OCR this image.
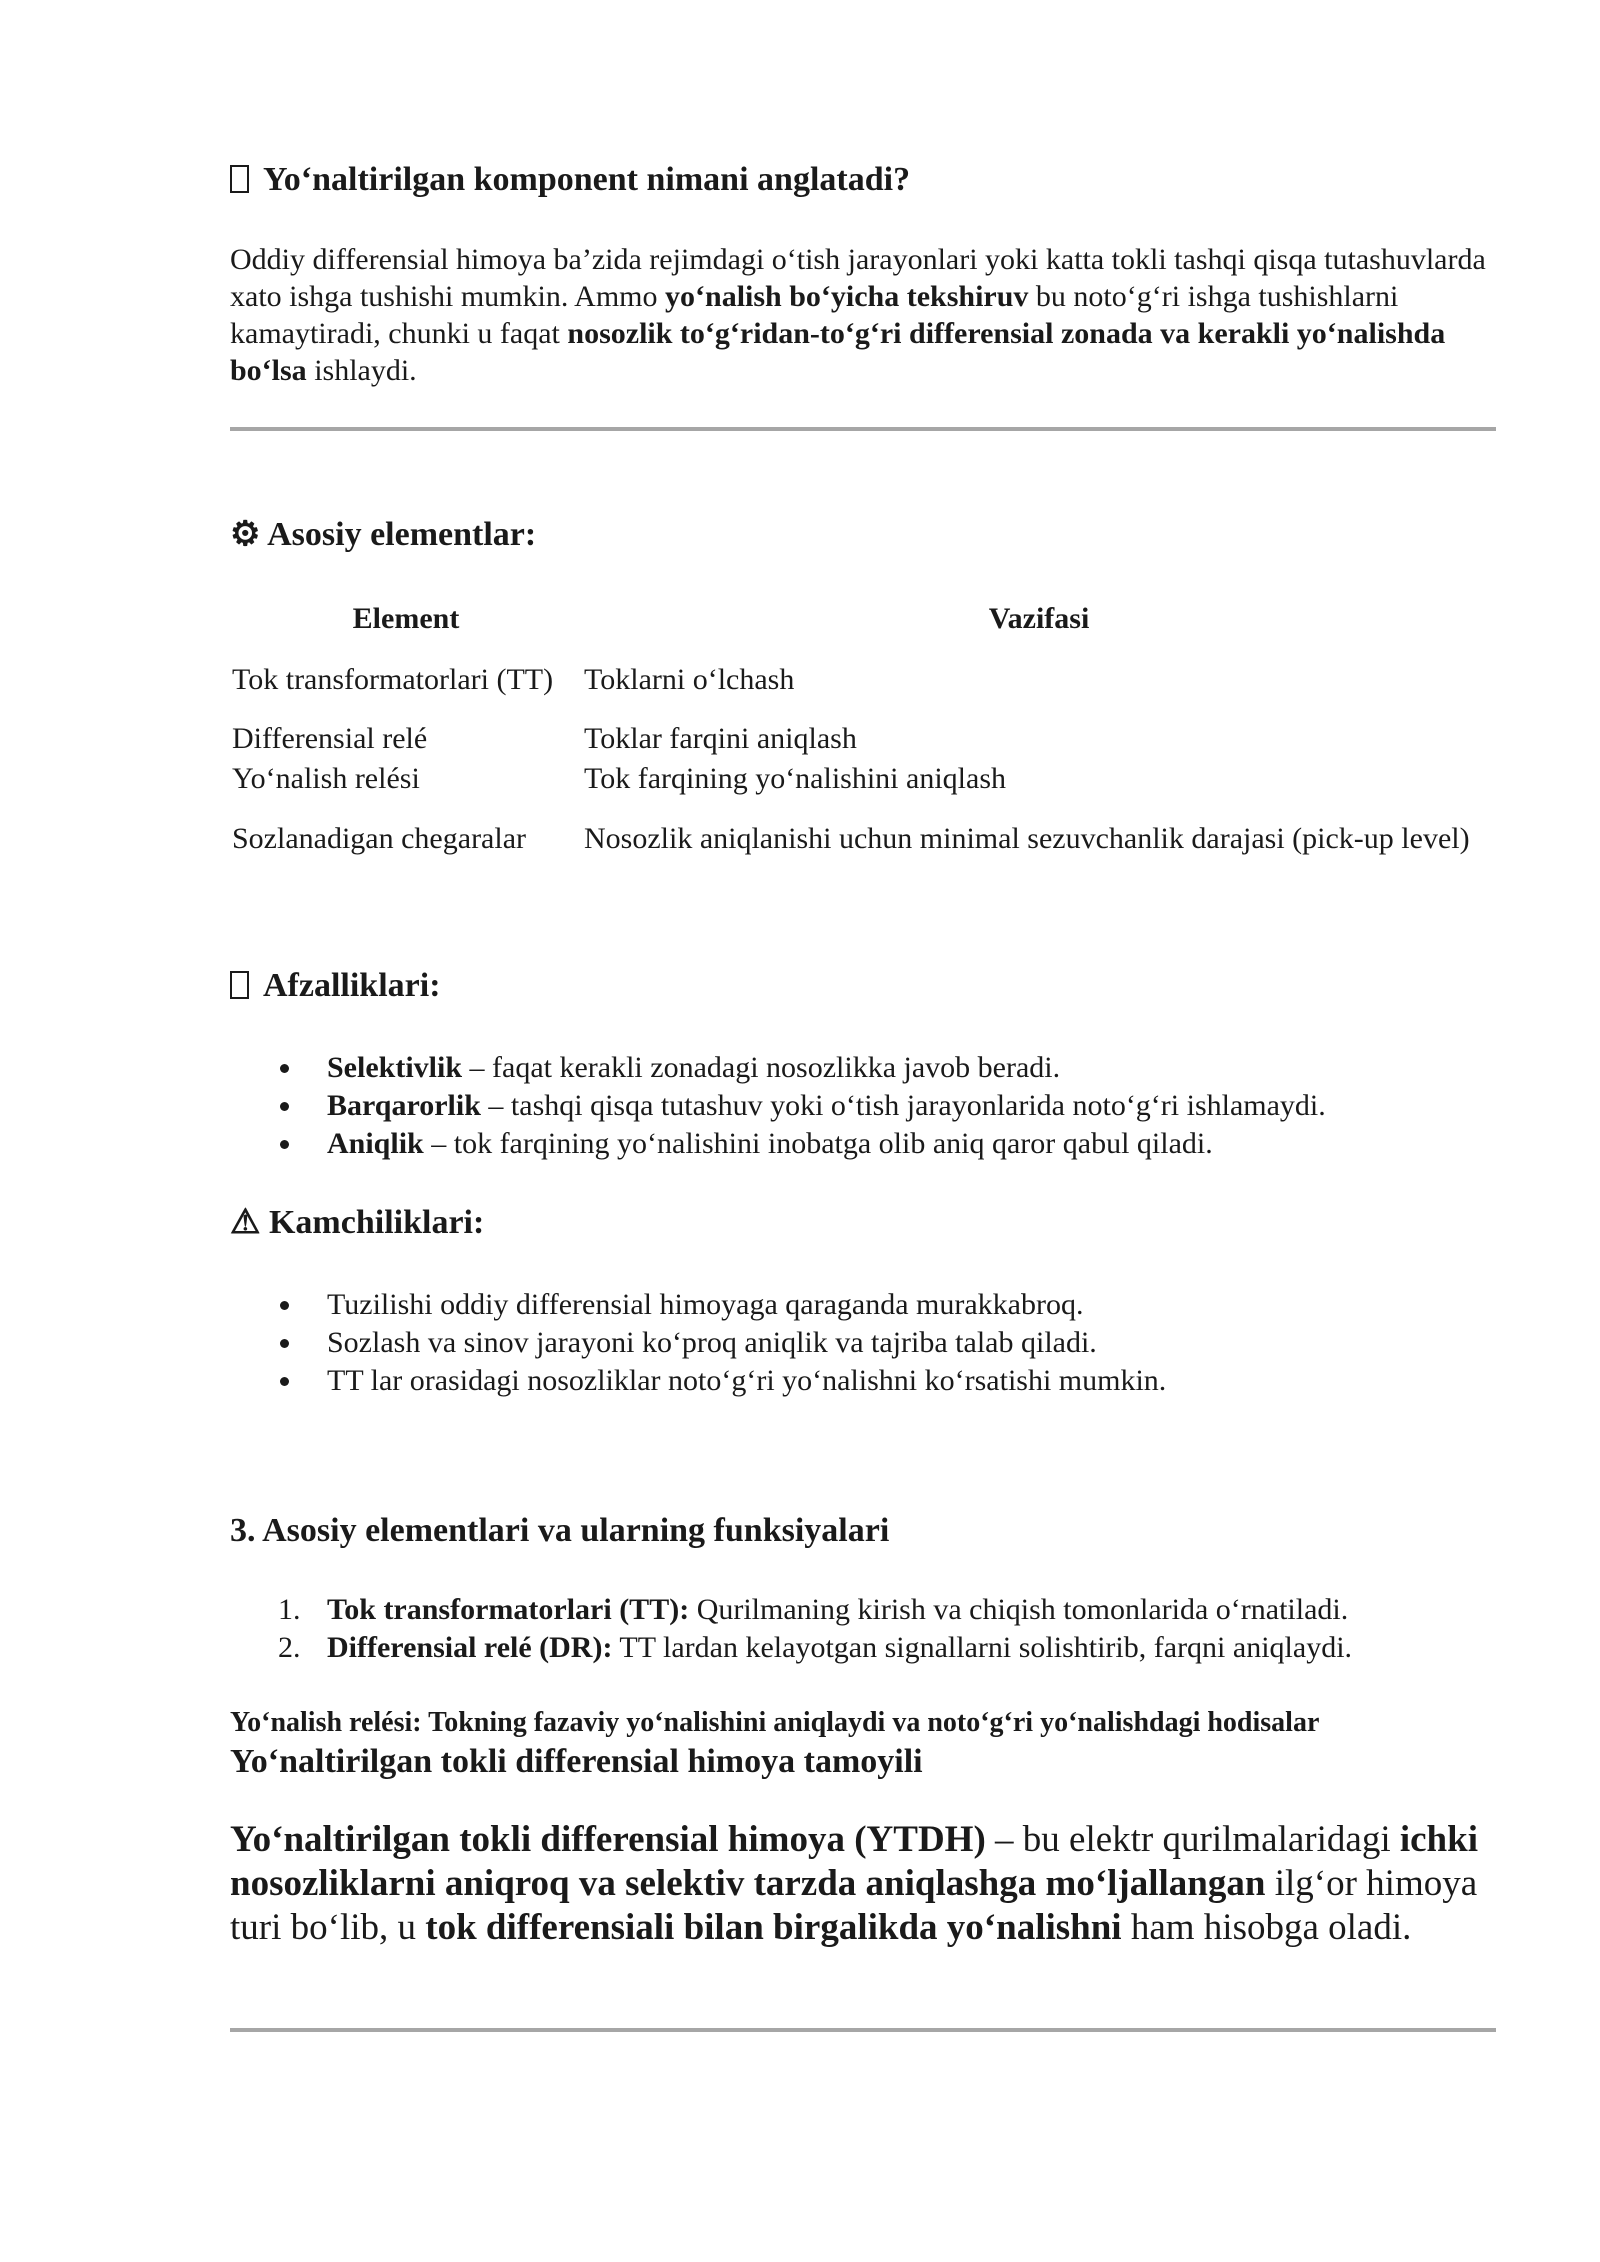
Yo‘naltirilgan komponent nimani anglatadi?

Oddiy differensial himoya ba’zida rejimdagi o‘tish jarayonlari yoki katta tokli tashqi qisqa tutashuvlarda xato ishga tushishi mumkin. Ammo yo‘nalish bo‘yicha tekshiruv bu noto‘g‘ri ishga tushishlarni kamaytiradi, chunki u faqat nosozlik to‘g‘ridan-to‘g‘ri differensial zonada va kerakli yo‘nalishda bo‘lsa ishlaydi.

⚙ Asosiy elementlar:
Element	Vazifasi
Tok transformatorlari (TT)	Toklarni o‘lchash
Differensial relé	Toklar farqini aniqlash
Yo‘nalish relési	Tok farqining yo‘nalishini aniqlash
Sozlanadigan chegaralar	Nosozlik aniqlanishi uchun minimal sezuvchanlik darajasi (pick-up level)
Afzalliklari:
Selektivlik – faqat kerakli zonadagi nosozlikka javob beradi.
Barqarorlik – tashqi qisqa tutashuv yoki o‘tish jarayonlarida noto‘g‘ri ishlamaydi.
Aniqlik – tok farqining yo‘nalishini inobatga olib aniq qaror qabul qiladi.
⚠ Kamchiliklari:
Tuzilishi oddiy differensial himoyaga qaraganda murakkabroq.
Sozlash va sinov jarayoni ko‘proq aniqlik va tajriba talab qiladi.
TT lar orasidagi nosozliklar noto‘g‘ri yo‘nalishni ko‘rsatishi mumkin.
3. Asosiy elementlari va ularning funksiyalari
1. Tok transformatorlari (TT): Qurilmaning kirish va chiqish tomonlarida o‘rnatiladi.
2. Differensial relé (DR): TT lardan kelayotgan signallarni solishtirib, farqni aniqlaydi.
Yo‘nalish relési: Tokning fazaviy yo‘nalishini aniqlaydi va noto‘g‘ri yo‘nalishdagi hodisalar Yo‘naltirilgan tokli differensial himoya tamoyili

Yo‘naltirilgan tokli differensial himoya (YTDH) – bu elektr qurilmalaridagi ichki nosozliklarni aniqroq va selektiv tarzda aniqlashga mo‘ljallangan ilg‘or himoya turi bo‘lib, u tok differensiali bilan birgalikda yo‘nalishni ham hisobga oladi.
